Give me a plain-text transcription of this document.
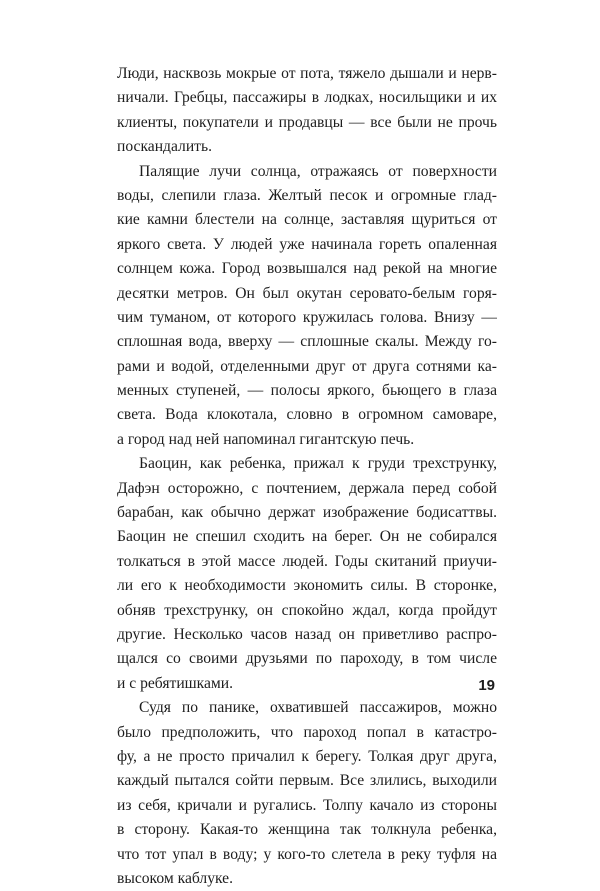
Люди, насквозь мокрые от пота, тяжело дышали и нерв-
ничали. Гребцы, пассажиры в лодках, носильщики и их
клиенты, покупатели и продавцы — все были не прочь
поскандалить.
Палящие лучи солнца, отражаясь от поверхности
воды, слепили глаза. Желтый песок и огромные глад-
кие камни блестели на солнце, заставляя щуриться от
яркого света. У людей уже начинала гореть опаленная
солнцем кожа. Город возвышался над рекой на многие
десятки метров. Он был окутан серовато-белым горя-
чим туманом, от которого кружилась голова. Внизу —
сплошная вода, вверху — сплошные скалы. Между го-
рами и водой, отделенными друг от друга сотнями ка-
менных ступеней, — полосы яркого, бьющего в глаза
света. Вода клокотала, словно в огромном самоваре,
а город над ней напоминал гигантскую печь.
Баоцин, как ребенка, прижал к груди трехструнку,
Дафэн осторожно, с почтением, держала перед собой
барабан, как обычно держат изображение бодисаттвы.
Баоцин не спешил сходить на берег. Он не собирался
толкаться в этой массе людей. Годы скитаний приучи-
ли его к необходимости экономить силы. В сторонке,
обняв трехструнку, он спокойно ждал, когда пройдут
другие. Несколько часов назад он приветливо распро-
щался со своими друзьями по пароходу, в том числе
и с ребятишками.
Судя по панике, охватившей пассажиров, можно
было предположить, что пароход попал в катастро-
фу, а не просто причалил к берегу. Толкая друг друга,
каждый пытался сойти первым. Все злились, выходили
из себя, кричали и ругались. Толпу качало из стороны
в сторону. Какая-то женщина так толкнула ребенка,
что тот упал в воду; у кого-то слетела в реку туфля на
высоком каблуке.
19
